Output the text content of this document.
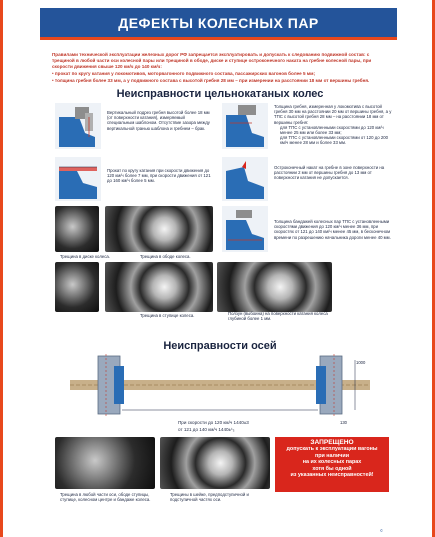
ДЕФЕКТЫ КОЛЕСНЫХ ПАР

Правилами технической эксплуатации железных дорог РФ запрещается эксплуатировать и допускать к следованию подвижной состав: с трещиной в любой части оси колесной пары или трещиной в ободе, диске и ступице остроконечного наката на гребне колесной пары, при скорости движения свыше 120 км/ч до 140 км/ч:

• прокат по кругу катания у локомотивов, моторвагонного подвижного состава, пассажирских вагонов более 5 мм;

• толщина гребня более 33 мм, а у подвижного состава с высотой гребня 28 мм – при измерении на расстоянии 18 мм от вершины гребня.

Неисправности цельнокатаных колес
Вертикальный подрез гребня высотой более 18 мм (от поверхности катания), измеряемый специальным шаблоном. Отсутствие зазора между вертикальной гранью шаблона и гребнем – брак.
Толщина гребня, измеренная у локомотива с высотой гребня 30 мм на расстоянии 20 мм от вершины гребня, а у ТПС с высотой гребня 28 мм – на расстоянии 18 мм от вершины гребня:
для ТПС с установленными скоростями до 120 км/ч менее 25 мм или более 33 мм;
для ТПС с установленными скоростями от 120 до 200 км/ч менее 28 мм и более 33 мм.
Прокат по кругу катания при скорости движения до 120 км/ч более 7 мм, при скорости движения от 121 до 160 км/ч более 5 мм.
Остроконечный накат на гребне в зоне поверхности на расстоянии 2 мм от вершины гребня до 13 мм от поверхности катания не допускается.
Толщина бандажей колесных пар ТПС с установленными скоростями движения до 120 км/ч менее 36 мм, при скоростях от 121 до 140 км/ч менее 45 мм, в бесконечном времени по разрешению начальника дороги менее 40 мм.
Трещина в диске колеса.	Трещина в ободе колеса.
Трещина в ступице колеса.	Ползун (выбоина) на поверхности катания колеса глубиной более 1 мм.
Неисправности осей
1000
130
При скорости до 120 км/ч 1440±3
от 121 до 140 км/ч 1440±¹₃
Трещина в любой части оси, ободе ступицы, ступице, колесном центре и бандаже колеса.
Трещины в шейке, предподступичной и подступичной частях оси.
ЗАПРЕЩЕНО
допускать к эксплуатации вагоны
при наличии
на их колесных парах
хотя бы одной
из указанных неисправностей!
©
